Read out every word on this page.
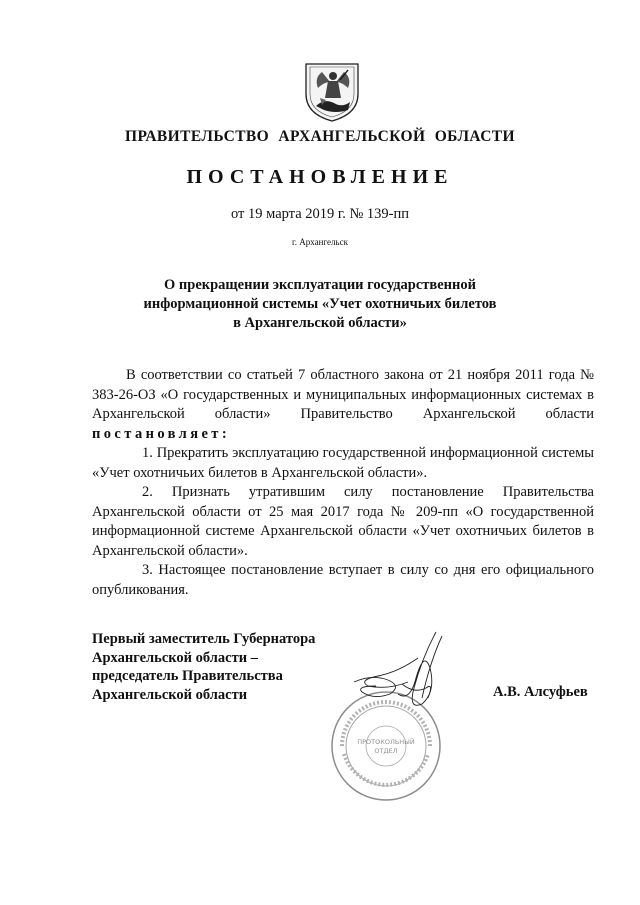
ПРАВИТЕЛЬСТВО АРХАНГЕЛЬСКОЙ ОБЛАСТИ
ПОСТАНОВЛЕНИЕ
от 19 марта 2019 г. № 139-пп
г. Архангельск
О прекращении эксплуатации государственной
информационной системы «Учет охотничьих билетов
в Архангельской области»

В соответствии со статьей 7 областного закона от 21 ноября 2011 года № 383-26-ОЗ «О государственных и муниципальных информационных системах в Архангельской области» Правительство Архангельской области постановляет:

1. Прекратить эксплуатацию государственной информационной системы «Учет охотничьих билетов в Архангельской области».

2. Признать утратившим силу постановление Правительства Архангельской области от 25 мая 2017 года № 209-пп «О государственной информационной системе Архангельской области «Учет охотничьих билетов в Архангельской области».

3. Настоящее постановление вступает в силу со дня его официального опубликования.

Первый заместитель Губернатора
Архангельской области –
председатель Правительства
Архангельской области
ПРОТОКОЛЬНЫЙ
ОТДЕЛ
А.В. Алсуфьев
